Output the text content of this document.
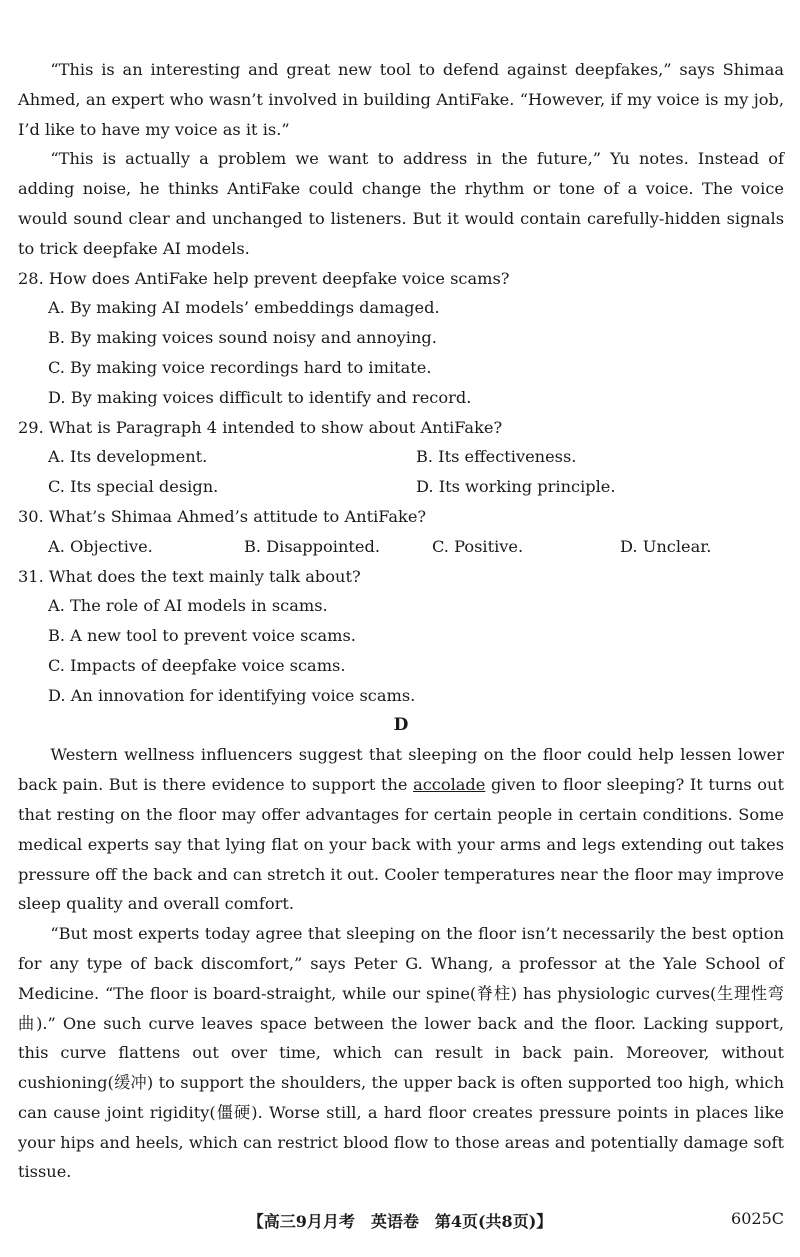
“This is an interesting and great new tool to defend against deepfakes,” says Shimaa Ahmed, an expert who wasn’t involved in building AntiFake. “However, if my voice is my job, I’d like to have my voice as it is.”

“This is actually a problem we want to address in the future,” Yu notes. Instead of adding noise, he thinks AntiFake could change the rhythm or tone of a voice. The voice would sound clear and unchanged to listeners. But it would contain carefully-hidden signals to trick deepfake AI models.

28. How does AntiFake help prevent deepfake voice scams?

A. By making AI models’ embeddings damaged.

B. By making voices sound noisy and annoying.

C. By making voice recordings hard to imitate.

D. By making voices difficult to identify and record.

29. What is Paragraph 4 intended to show about AntiFake?

A. Its development.	B. Its effectiveness.
C. Its special design.	D. Its working principle.

30. What’s Shimaa Ahmed’s attitude to AntiFake?

A. Objective.	B. Disappointed.	C. Positive.	D. Unclear.

31. What does the text mainly talk about?

A. The role of AI models in scams.

B. A new tool to prevent voice scams.

C. Impacts of deepfake voice scams.

D. An innovation for identifying voice scams.

D

Western wellness influencers suggest that sleeping on the floor could help lessen lower back pain. But is there evidence to support the accolade given to floor sleeping? It turns out that resting on the floor may offer advantages for certain people in certain conditions. Some medical experts say that lying flat on your back with your arms and legs extending out takes pressure off the back and can stretch it out. Cooler temperatures near the floor may improve sleep quality and overall comfort.

“But most experts today agree that sleeping on the floor isn’t necessarily the best option for any type of back discomfort,” says Peter G. Whang, a professor at the Yale School of Medicine. “The floor is board-straight, while our spine(脊柱) has physiologic curves(生理性弯曲).” One such curve leaves space between the lower back and the floor. Lacking support, this curve flattens out over time, which can result in back pain. Moreover, without cushioning(缓冲) to support the shoulders, the upper back is often supported too high, which can cause joint rigidity(僵硬). Worse still, a hard floor creates pressure points in places like your hips and heels, which can restrict blood flow to those areas and potentially damage soft tissue.

【高三9月月考　英语卷　第4页(共8页)】	6025C
